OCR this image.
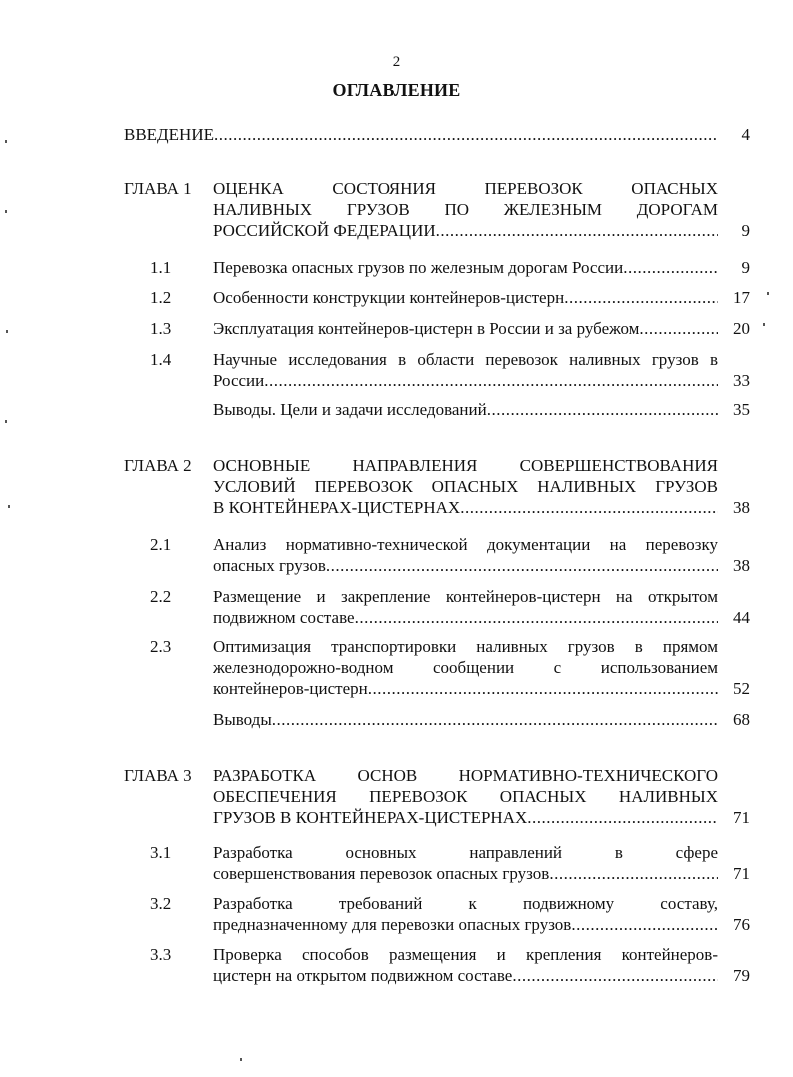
2
ОГЛАВЛЕНИЕ
ВВЕДЕНИЕ .....	4
ГЛАВА 1 ОЦЕНКА СОСТОЯНИЯ ПЕРЕВОЗОК ОПАСНЫХ
НАЛИВНЫХ ГРУЗОВ ПО ЖЕЛЕЗНЫМ ДОРОГАМ
РОССИЙСКОЙ ФЕДЕРАЦИИ .....	9
1.1 Перевозка опасных грузов по железным дорогам России .....	9
1.2 Особенности конструкции контейнеров-цистерн .....	17
1.3 Эксплуатация контейнеров-цистерн в России и за рубежом .....	20
1.4 Научные исследования в области перевозок наливных грузов в
России .....	33
Выводы. Цели и задачи исследований .....	35
ГЛАВА 2 ОСНОВНЫЕ НАПРАВЛЕНИЯ СОВЕРШЕНСТВОВАНИЯ
УСЛОВИЙ ПЕРЕВОЗОК ОПАСНЫХ НАЛИВНЫХ ГРУЗОВ
В КОНТЕЙНЕРАХ-ЦИСТЕРНАХ .....	38
2.1 Анализ нормативно-технической документации на перевозку
опасных грузов .....	38
2.2 Размещение и закрепление контейнеров-цистерн на открытом
подвижном составе .....	44
2.3 Оптимизация транспортировки наливных грузов в прямом
железнодорожно-водном сообщении с использованием
контейнеров-цистерн .....	52
Выводы .....	68
ГЛАВА 3 РАЗРАБОТКА ОСНОВ НОРМАТИВНО-ТЕХНИЧЕСКОГО
ОБЕСПЕЧЕНИЯ ПЕРЕВОЗОК ОПАСНЫХ НАЛИВНЫХ
ГРУЗОВ В КОНТЕЙНЕРАХ-ЦИСТЕРНАХ .....	71
3.1 Разработка основных направлений в сфере
совершенствования перевозок опасных грузов .....	71
3.2 Разработка требований к подвижному составу,
предназначенному для перевозки опасных грузов .....	76
3.3 Проверка способов размещения и крепления контейнеров-
цистерн на открытом подвижном составе .....	79
